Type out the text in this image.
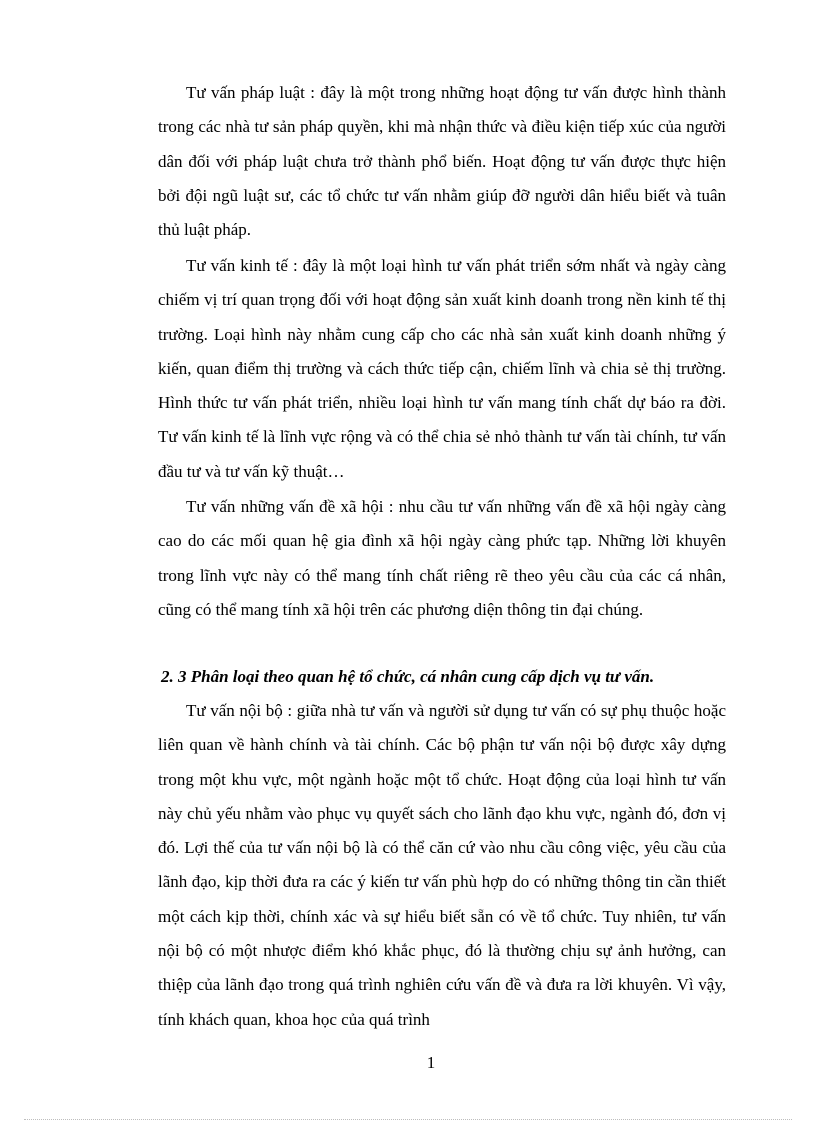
Tư vấn pháp luật : đây là một trong những hoạt động tư vấn được hình thành trong các nhà tư sản pháp quyền, khi mà nhận thức và điều kiện tiếp xúc của người dân đối với pháp luật chưa trở thành phổ biến. Hoạt động tư vấn được thực hiện bởi đội ngũ luật sư, các tổ chức tư vấn nhằm giúp đỡ người dân hiểu biết và tuân thủ luật pháp.

Tư vấn kinh tế : đây là một loại hình tư vấn phát triển sớm nhất và ngày càng chiếm vị trí quan trọng đối với hoạt động sản xuất kinh doanh trong nền kinh tế thị trường. Loại hình này nhằm cung cấp cho các nhà sản xuất kinh doanh những ý kiến, quan điểm thị trường và cách thức tiếp cận, chiếm lĩnh và chia sẻ thị trường. Hình thức tư vấn phát triển, nhiều loại hình tư vấn mang tính chất dự báo ra đời. Tư vấn kinh tế là lĩnh vực rộng và có thể chia sẻ nhỏ thành tư vấn tài chính, tư vấn đầu tư và tư vấn kỹ thuật…

Tư vấn những vấn đề xã hội : nhu cầu tư vấn những vấn đề xã hội ngày càng cao do các mối quan hệ gia đình xã hội ngày càng phức tạp. Những lời khuyên trong lĩnh vực này có thể mang tính chất riêng rẽ theo yêu cầu của các cá nhân, cũng có thể mang tính xã hội trên các phương diện thông tin đại chúng.

2. 3 Phân loại theo quan hệ tổ chức, cá nhân cung cấp dịch vụ tư vấn.

Tư vấn nội bộ : giữa nhà tư vấn và người sử dụng tư vấn có sự phụ thuộc hoặc liên quan về hành chính và tài chính. Các bộ phận tư vấn nội bộ được xây dựng trong một khu vực, một ngành hoặc một tổ chức. Hoạt động của loại hình tư vấn này chủ yếu nhằm vào phục vụ quyết sách cho lãnh đạo khu vực, ngành đó, đơn vị đó. Lợi thế của tư vấn nội bộ là có thể căn cứ vào nhu cầu công việc, yêu cầu của lãnh đạo, kịp thời đưa ra các ý kiến tư vấn phù hợp do có những thông tin cần thiết một cách kịp thời, chính xác và sự hiểu biết sẵn có về tổ chức. Tuy nhiên, tư vấn nội bộ có một nhược điểm khó khắc phục, đó là thường chịu sự ảnh hưởng, can thiệp của lãnh đạo trong quá trình nghiên cứu vấn đề và đưa ra lời khuyên. Vì vậy, tính khách quan, khoa học của quá trình

1
